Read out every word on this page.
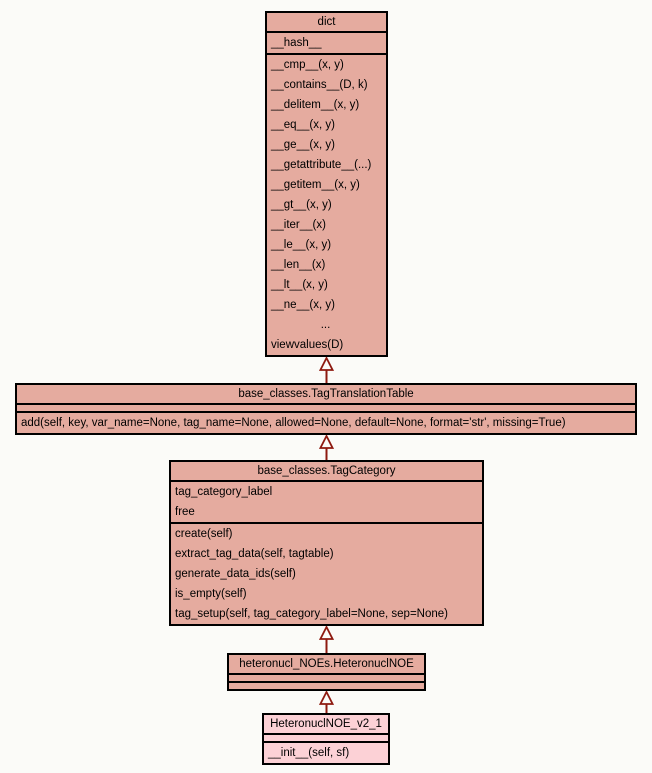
dict
__hash__
__cmp__(x, y)
__contains__(D, k)
__delitem__(x, y)
__eq__(x, y)
__ge__(x, y)
__getattribute__(...)
__getitem__(x, y)
__gt__(x, y)
__iter__(x)
__le__(x, y)
__len__(x)
__lt__(x, y)
__ne__(x, y)
...
viewvalues(D)
base_classes.TagTranslationTable
add(self, key, var_name=None, tag_name=None, allowed=None, default=None, format='str', missing=True)
base_classes.TagCategory
tag_category_label
free
create(self)
extract_tag_data(self, tagtable)
generate_data_ids(self)
is_empty(self)
tag_setup(self, tag_category_label=None, sep=None)
heteronucl_NOEs.HeteronuclNOE
HeteronuclNOE_v2_1
__init__(self, sf)
